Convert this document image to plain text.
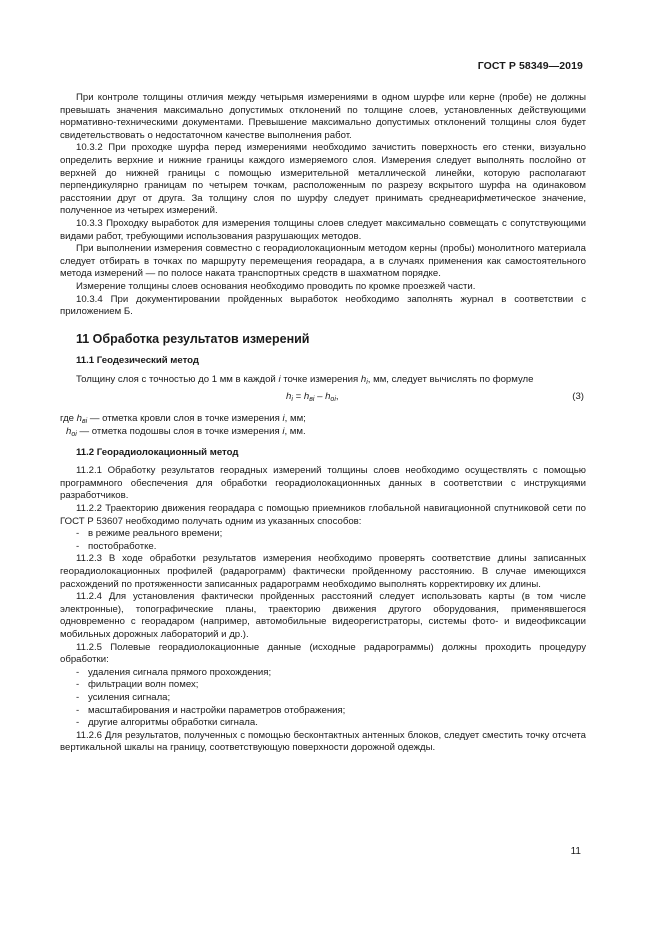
ГОСТ Р 58349—2019

При контроле толщины отличия между четырьмя измерениями в одном шурфе или керне (пробе) не должны превышать значения максимально допустимых отклонений по толщине слоев, установленных действующими нормативно-техническими документами. Превышение максимально допустимых отклонений толщины слоя будет свидетельствовать о недостаточном качестве выполнения работ.

10.3.2 При проходке шурфа перед измерениями необходимо зачистить поверхность его стенки, визуально определить верхние и нижние границы каждого измеряемого слоя. Измерения следует выполнять послойно от верхней до нижней границы с помощью измерительной металлической линейки, которую располагают перпендикулярно границам по четырем точкам, расположенным по разрезу вскрытого шурфа на одинаковом расстоянии друг от друга. За толщину слоя по шурфу следует принимать среднеарифметическое значение, полученное из четырех измерений.

10.3.3 Проходку выработок для измерения толщины слоев следует максимально совмещать с сопутствующими видами работ, требующими использования разрушающих методов.

При выполнении измерения совместно с георадиолокационным методом керны (пробы) монолитного материала следует отбирать в точках по маршруту перемещения георадара, а в случаях применения как самостоятельного метода измерений — по полосе наката транспортных средств в шахматном порядке.

Измерение толщины слоев основания необходимо проводить по кромке проезжей части.

10.3.4 При документировании пройденных выработок необходимо заполнять журнал в соответствии с приложением Б.

11 Обработка результатов измерений
11.1 Геодезический метод

Толщину слоя с точностью до 1 мм в каждой i точке измерения $h_i$, мм, следует вычислять по формуле

$h_i = h_{вi} - h_{oi}$,	(3)

где $h_{вi}$ — отметка кровли слоя в точке измерения i, мм;

$h_{oi}$ — отметка подошвы слоя в точке измерения i, мм.

11.2 Георадиолокационный метод

11.2.1 Обработку результатов георадных измерений толщины слоев необходимо осуществлять с помощью программного обеспечения для обработки георадиолокационнных данных в соответствии с инструкциями разработчиков.

11.2.2 Траекторию движения георадара с помощью приемников глобальной навигационной спутниковой сети по ГОСТ Р 53607 необходимо получать одним из указанных способов:

- в режиме реального времени;

- постобработке.

11.2.3 В ходе обработки результатов измерения необходимо проверять соответствие длины записанных георадиолокационных профилей (радарограмм) фактически пройденному расстоянию. В случае имеющихся расхождений по протяженности записанных радарограмм необходимо выполнять корректировку их длины.

11.2.4 Для установления фактически пройденных расстояний следует использовать карты (в том числе электронные), топографические планы, траекторию движения другого оборудования, применявшегося одновременно с георадаром (например, автомобильные видеорегистраторы, системы фото- и видеофиксации мобильных дорожных лабораторий и др.).

11.2.5 Полевые георадиолокационные данные (исходные радарограммы) должны проходить процедуру обработки:

- удаления сигнала прямого прохождения;

- фильтрации волн помех;

- усиления сигнала;

- масштабирования и настройки параметров отображения;

- другие алгоритмы обработки сигнала.

11.2.6 Для результатов, полученных с помощью бесконтактных антенных блоков, следует сместить точку отсчета вертикальной шкалы на границу, соответствующую поверхности дорожной одежды.

11
